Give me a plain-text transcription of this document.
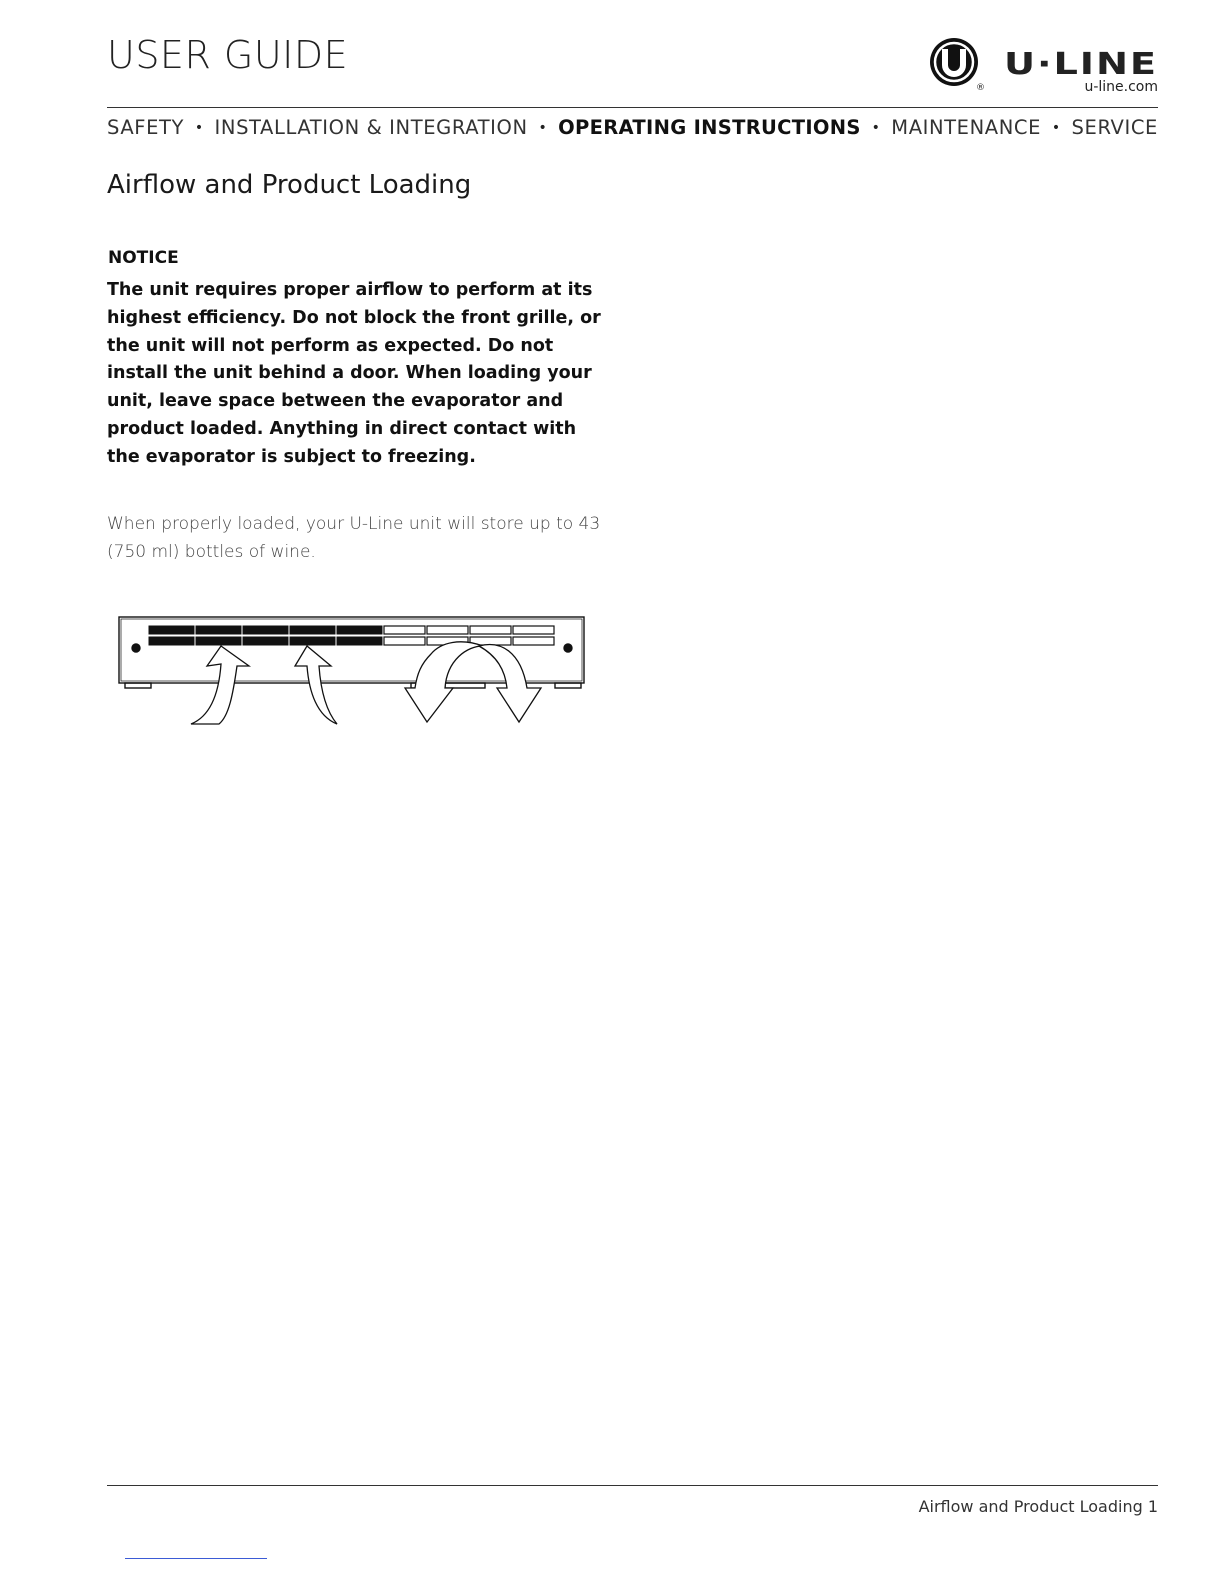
USER GUIDE
®
U·LINE
u-line.com
SAFETY • INSTALLATION & INTEGRATION • OPERATING INSTRUCTIONS • MAINTENANCE • SERVICE
Airflow and Product Loading
NOTICE

The unit requires proper airflow to perform at its highest efficiency. Do not block the front grille, or the unit will not perform as expected. Do not install the unit behind a door. When loading your unit, leave space between the evaporator and product loaded. Anything in direct contact with the evaporator is subject to freezing.

When properly loaded, your U-Line unit will store up to 43 (750 ml) bottles of wine.

Airflow and Product Loading 1
